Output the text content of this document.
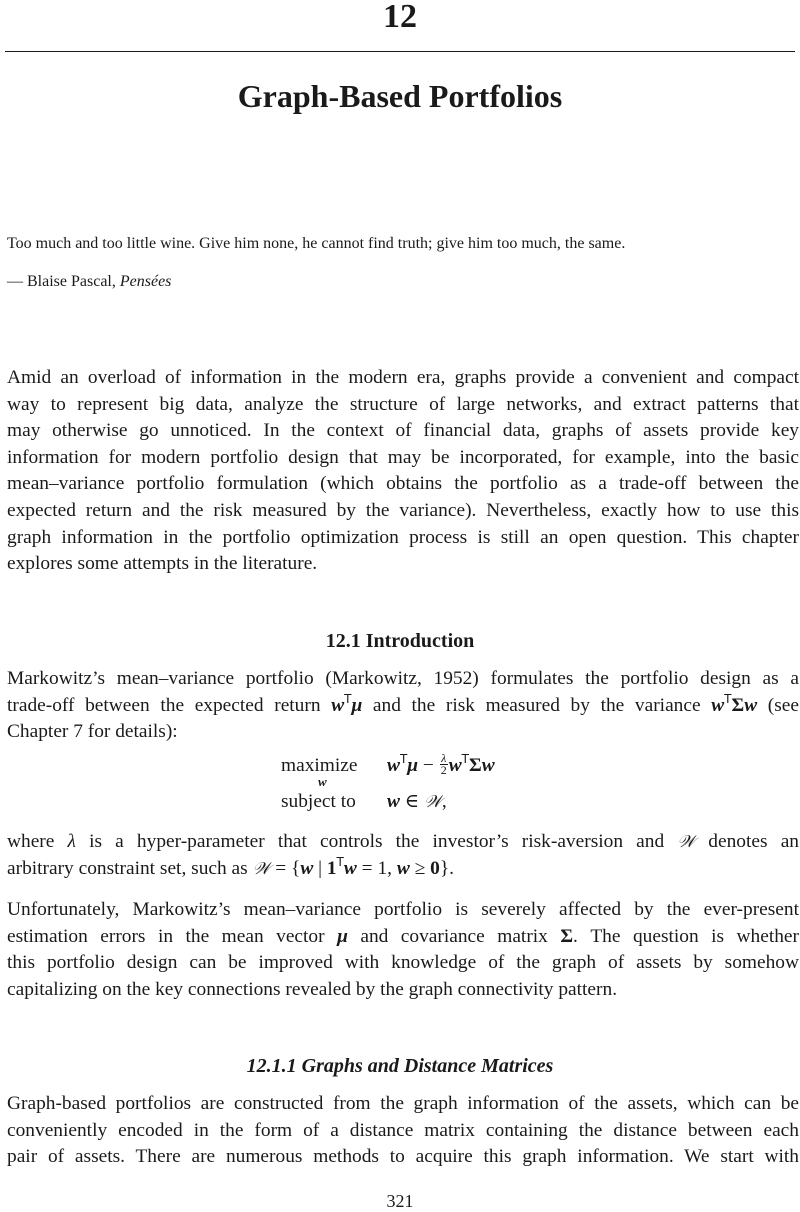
12
Graph-Based Portfolios
Too much and too little wine. Give him none, he cannot find truth; give him too much, the same.
— Blaise Pascal, Pensées
Amid an overload of information in the modern era, graphs provide a convenient and compact
way to represent big data, analyze the structure of large networks, and extract patterns that
may otherwise go unnoticed. In the context of financial data, graphs of assets provide key
information for modern portfolio design that may be incorporated, for example, into the basic
mean–variance portfolio formulation (which obtains the portfolio as a trade-off between the
expected return and the risk measured by the variance). Nevertheless, exactly how to use this
graph information in the portfolio optimization process is still an open question. This chapter
explores some attempts in the literature.
12.1 Introduction
Markowitz’s mean–variance portfolio (Markowitz, 1952) formulates the portfolio design as a
trade-off between the expected return $w^T\mu$ and the risk measured by the variance $w^T\Sigma w$ (see
Chapter 7 for details):
maximize
w
$w^T\mu - \frac{\lambda}{2} w^T\Sigma w$
subject to w ∈ 𝒲,
where λ is a hyper-parameter that controls the investor’s risk-aversion and 𝒲 denotes an
arbitrary constraint set, such as 𝒲 = {w | $1^Tw = 1$, w ≥ 0}.
Unfortunately, Markowitz’s mean–variance portfolio is severely affected by the ever-present
estimation errors in the mean vector μ and covariance matrix Σ. The question is whether
this portfolio design can be improved with knowledge of the graph of assets by somehow
capitalizing on the key connections revealed by the graph connectivity pattern.
12.1.1 Graphs and Distance Matrices
Graph-based portfolios are constructed from the graph information of the assets, which can be
conveniently encoded in the form of a distance matrix containing the distance between each
pair of assets. There are numerous methods to acquire this graph information. We start with
321
